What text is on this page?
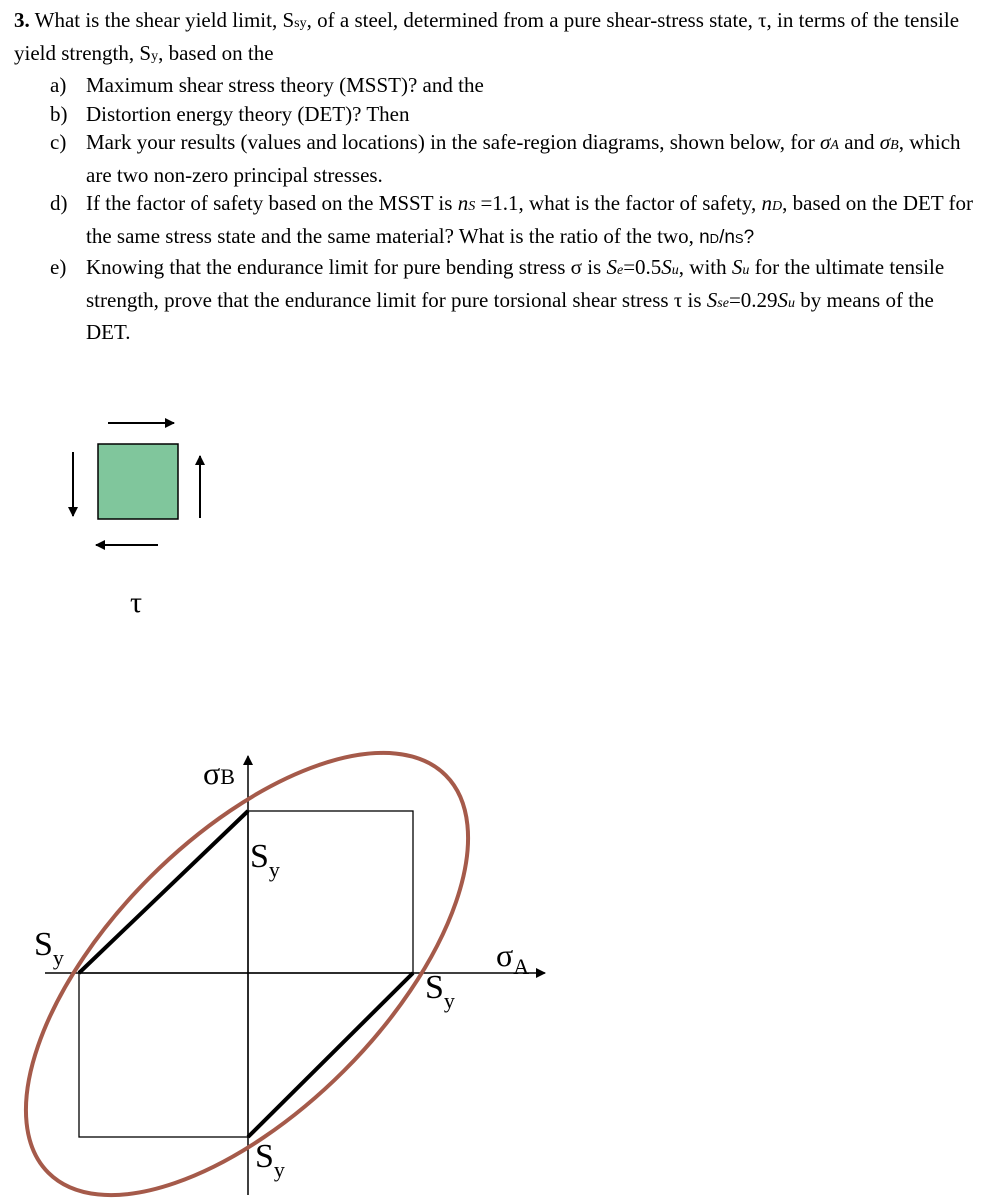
3. What is the shear yield limit, Ssy, of a steel, determined from a pure shear-stress state, τ, in terms of the tensile yield strength, Sy, based on the

a) Maximum shear stress theory (MSST)? and the
b) Distortion energy theory (DET)? Then
c) Mark your results (values and locations) in the safe-region diagrams, shown below, for σA and σB, which are two non-zero principal stresses.
d) If the factor of safety based on the MSST is nS =1.1, what is the factor of safety, nD, based on the DET for the same stress state and the same material? What is the ratio of the two, nD/nS?
e) Knowing that the endurance limit for pure bending stress σ is Se=0.5Su, with Su for the ultimate tensile strength, prove that the endurance limit for pure torsional shear stress τ is Sse=0.29Su by means of the DET.
τ
σB
$\sigma_A$
$S_y$
$S_y$
$S_y$
$S_y$
